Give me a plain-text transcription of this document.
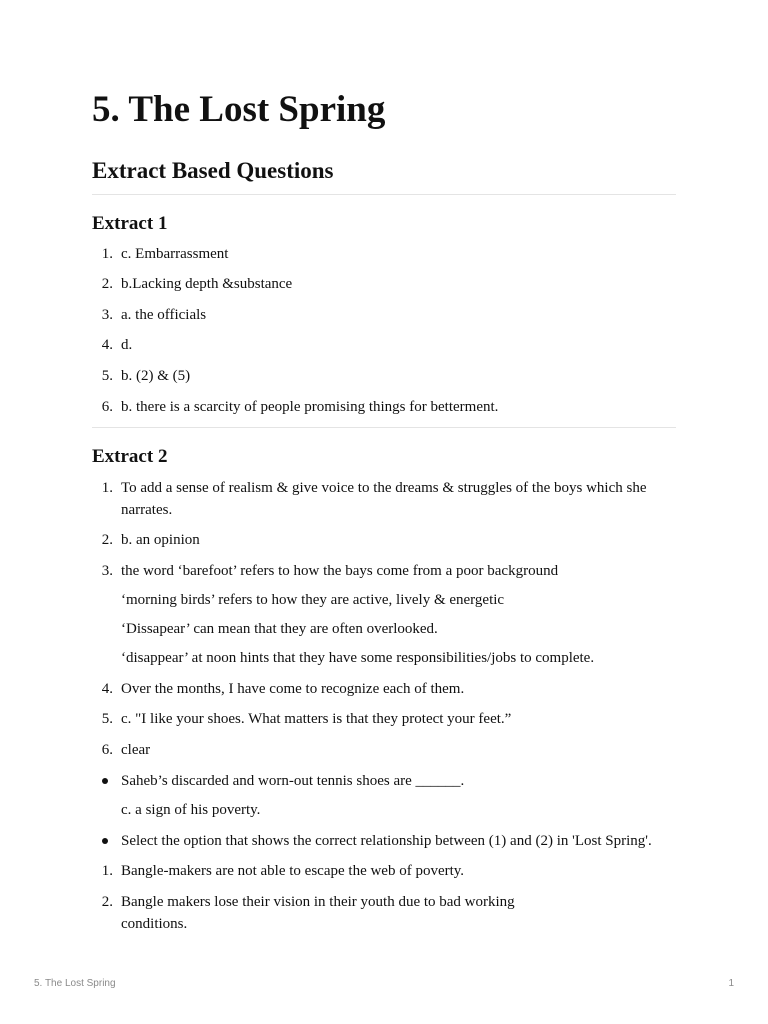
5. The Lost Spring
Extract Based Questions
Extract 1
1. c. Embarrassment
2. b.Lacking depth &substance
3. a. the officials
4. d.
5. b. (2) & (5)
6. b. there is a scarcity of people promising things for betterment.
Extract 2
1. To add a sense of realism & give voice to the dreams & struggles of the boys which she
narrates.
2. b. an opinion
3. the word ‘barefoot’ refers to how the bays come from a poor background
‘morning birds’ refers to how they are active, lively & energetic
‘Dissapear’ can mean that they are often overlooked.
‘disappear’ at noon hints that they have some responsibilities/jobs to complete.
4. Over the months, I have come to recognize each of them.
5. c. "I like your shoes. What matters is that they protect your feet.”
6. clear
Saheb’s discarded and worn-out tennis shoes are ______.
c. a sign of his poverty.
Select the option that shows the correct relationship between (1) and (2) in 'Lost Spring'.
1. Bangle-makers are not able to escape the web of poverty.
2. Bangle makers lose their vision in their youth due to bad working
conditions.
5. The Lost Spring	1
